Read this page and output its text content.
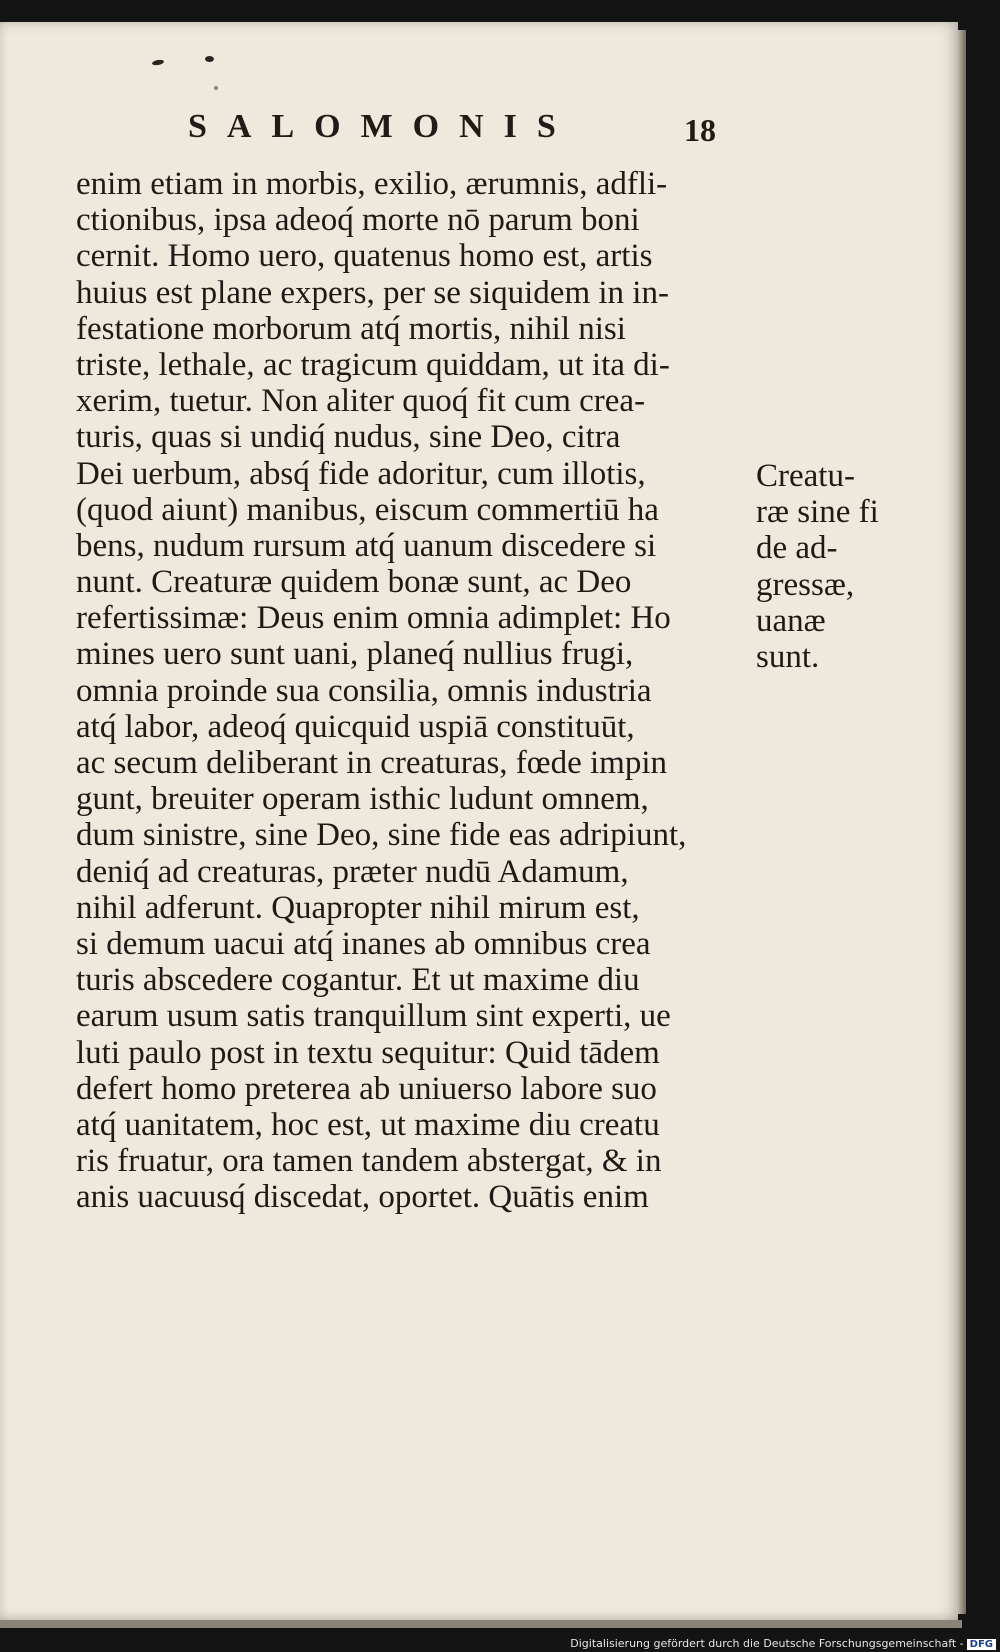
SALOMONIS	18
enim etiam in morbis, exilio, ærumnis, adfli-
ctionibus, ipsa adeoq́ morte nō parum boni
cernit. Homo uero, quatenus homo est, artis
huius est plane expers, per se siquidem in in-
festatione morborum atq́ mortis, nihil nisi
triste, lethale, ac tragicum quiddam, ut ita di-
xerim, tuetur. Non aliter quoq́ fit cum crea-
turis, quas si undiq́ nudus, sine Deo, citra
Dei uerbum, absq́ fide adoritur, cum illotis,
(quod aiunt) manibus, eiscum commertiū ha
bens, nudum rursum atq́ uanum discedere si
nunt. Creaturæ quidem bonæ sunt, ac Deo
refertissimæ: Deus enim omnia adimplet: Ho
mines uero sunt uani, planeq́ nullius frugi,
omnia proinde sua consilia, omnis industria
atq́ labor, adeoq́ quicquid uspiā constituūt,
ac secum deliberant in creaturas, fœde impin
gunt, breuiter operam isthic ludunt omnem,
dum sinistre, sine Deo, sine fide eas adripiunt,
deniq́ ad creaturas, præter nudū Adamum,
nihil adferunt. Quapropter nihil mirum est,
si demum uacui atq́ inanes ab omnibus crea
turis abscedere cogantur. Et ut maxime diu
earum usum satis tranquillum sint experti, ue
luti paulo post in textu sequitur: Quid tādem
defert homo preterea ab uniuerso labore suo
atq́ uanitatem, hoc est, ut maxime diu creatu
ris fruatur, ora tamen tandem abstergat, & in
anis uacuusq́ discedat, oportet. Quātis enim
Creatu-
ræ sine fi
de ad-
gressæ,
uanæ
sunt.
Digitalisierung gefördert durch die Deutsche Forschungsgemeinschaft - DFG
